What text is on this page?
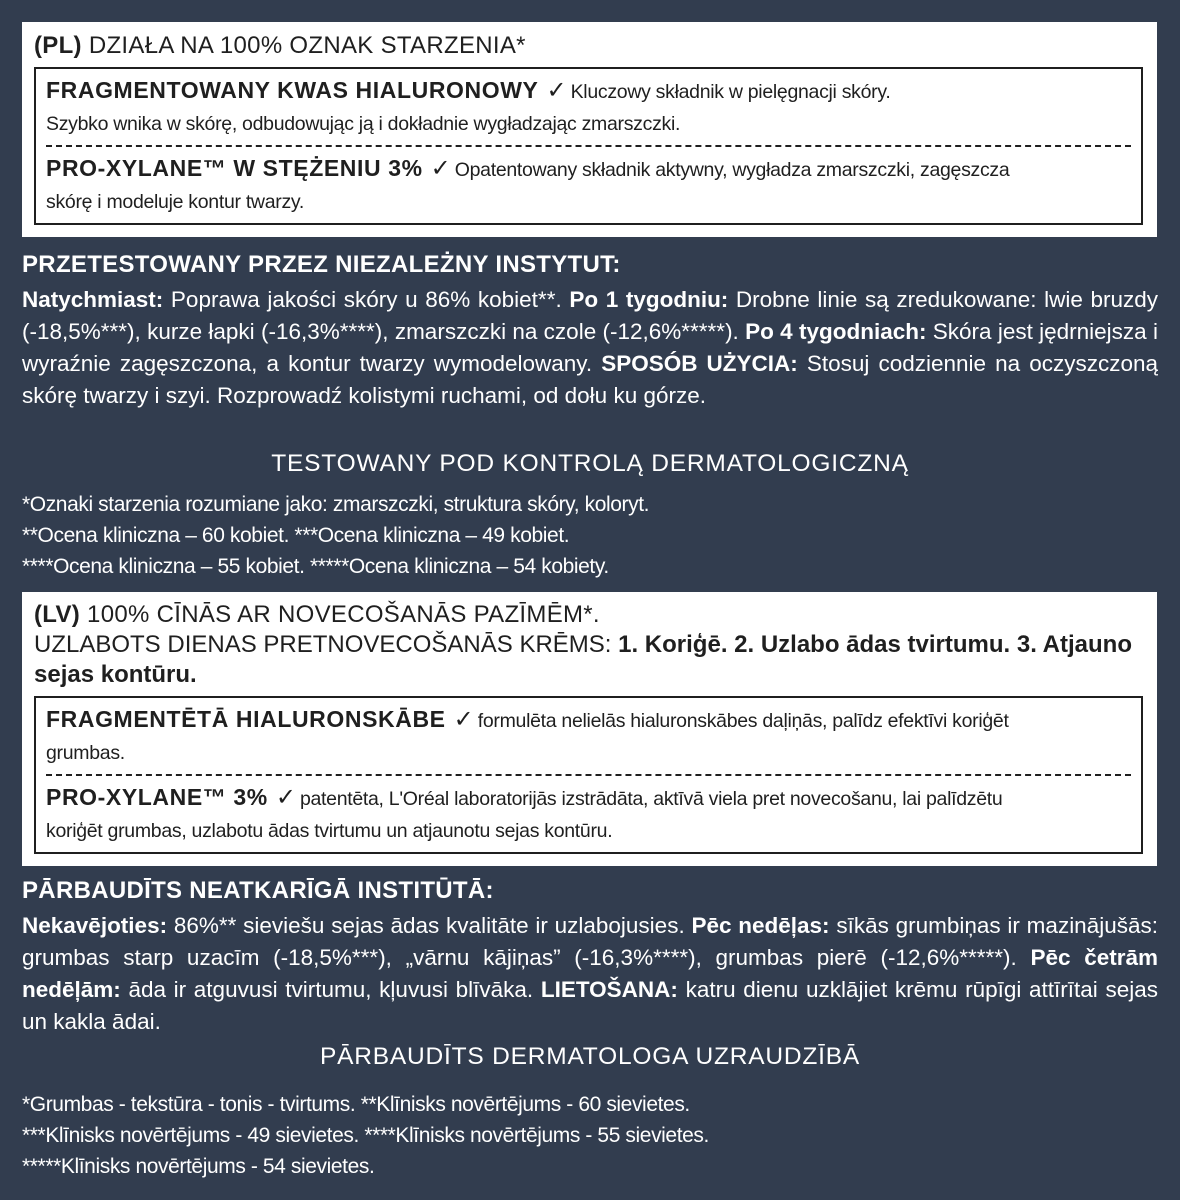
(PL) DZIAŁA NA 100% OZNAK STARZENIA*
FRAGMENTOWANY KWAS HIALURONOWY ✓ Kluczowy składnik w pielęgnacji skóry.
Szybko wnika w skórę, odbudowując ją i dokładnie wygładzając zmarszczki.
PRO-XYLANE™ W STĘŻENIU 3% ✓ Opatentowany składnik aktywny, wygładza zmarszczki, zagęszcza
skórę i modeluje kontur twarzy.
PRZETESTOWANY PRZEZ NIEZALEŻNY INSTYTUT:
Natychmiast: Poprawa jakości skóry u 86% kobiet**. Po 1 tygodniu: Drobne linie są zredukowane: lwie bruzdy (-18,5%***), kurze łapki (-16,3%****), zmarszczki na czole (-12,6%*****). Po 4 tygodniach: Skóra jest jędrniejsza i wyraźnie zagęszczona, a kontur twarzy wymodelowany. SPOSÓB UŻYCIA: Stosuj codziennie na oczyszczoną skórę twarzy i szyi. Rozprowadź kolistymi ruchami, od dołu ku górze.
TESTOWANY POD KONTROLĄ DERMATOLOGICZNĄ
*Oznaki starzenia rozumiane jako: zmarszczki, struktura skóry, koloryt.
**Ocena kliniczna – 60 kobiet. ***Ocena kliniczna – 49 kobiet.
****Ocena kliniczna – 55 kobiet. *****Ocena kliniczna – 54 kobiety.
(LV) 100% CĪNĀS AR NOVECOŠANĀS PAZĪMĒM*.
UZLABOTS DIENAS PRETNOVECOŠANĀS KRĒMS: 1. Koriģē. 2. Uzlabo ādas tvirtumu. 3. Atjauno sejas kontūru.
FRAGMENTĒTĀ HIALURONSKĀBE ✓ formulēta nelielās hialuronskābes daļiņās, palīdz efektīvi koriģēt
grumbas.
PRO-XYLANE™ 3% ✓ patentēta, L'Oréal laboratorijās izstrādāta, aktīvā viela pret novecošanu, lai palīdzētu
koriģēt grumbas, uzlabotu ādas tvirtumu un atjaunotu sejas kontūru.
PĀRBAUDĪTS NEATKARĪGĀ INSTITŪTĀ:
Nekavējoties: 86%** sieviešu sejas ādas kvalitāte ir uzlabojusies. Pēc nedēļas: sīkās grumbiņas ir mazinājušās: grumbas starp uzacīm (-18,5%***), „vārnu kājiņas” (-16,3%****), grumbas pierē (-12,6%*****). Pēc četrām nedēļām: āda ir atguvusi tvirtumu, kļuvusi blīvāka. LIETOŠANA: katru dienu uzklājiet krēmu rūpīgi attīrītai sejas un kakla ādai.
PĀRBAUDĪTS DERMATOLOGA UZRAUDZĪBĀ
*Grumbas - tekstūra - tonis - tvirtums. **Klīnisks novērtējums - 60 sievietes.
***Klīnisks novērtējums - 49 sievietes. ****Klīnisks novērtējums - 55 sievietes.
*****Klīnisks novērtējums - 54 sievietes.
